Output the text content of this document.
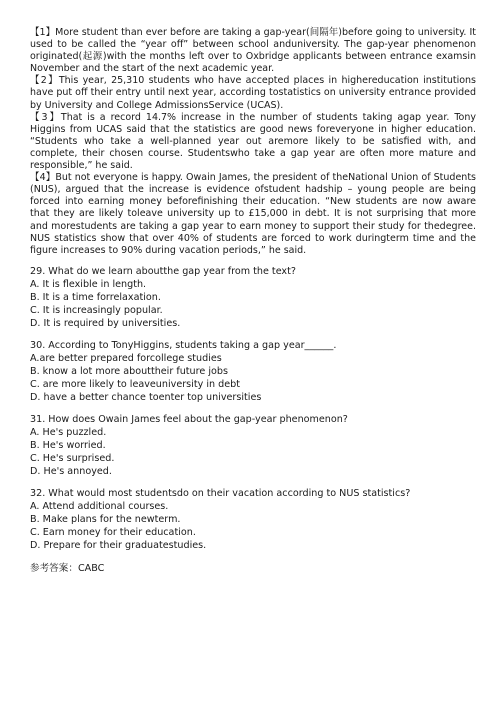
【1】More student than ever before are taking a gap-year(间隔年)before going to university. It used to be called the “year off” between school anduniversity. The gap-year phenomenon originated(起源)with the months left over to Oxbridge applicants between entrance examsin November and the start of the next academic year.

【2】This year, 25,310 students who have accepted places in highereducation institutions have put off their entry until next year, according tostatistics on university entrance provided by University and College AdmissionsService (UCAS).

【3】That is a record 14.7% increase in the number of students taking agap year. Tony Higgins from UCAS said that the statistics are good news foreveryone in higher education. “Students who take a well-planned year out aremore likely to be satisfied with, and complete, their chosen course. Studentswho take a gap year are often more mature and responsible,” he said.

【4】But not everyone is happy. Owain James, the president of theNational Union of Students (NUS), argued that the increase is evidence ofstudent hadship – young people are being forced into earning money beforefinishing their education. “New students are now aware that they are likely toleave university up to £15,000 in debt. It is not surprising that more and morestudents are taking a gap year to earn money to support their study for thedegree. NUS statistics show that over 40% of students are forced to work duringterm time and the figure increases to 90% during vacation periods,” he said.

29. What do we learn aboutthe gap year from the text?

A. It is flexible in length.

B. It is a time forrelaxation.

C. It is increasingly popular.

D. It is required by universities.

30. According to TonyHiggins, students taking a gap year______.

A.are better prepared forcollege studies

B. know a lot more abouttheir future jobs

C. are more likely to leaveuniversity in debt

D. have a better chance toenter top universities

31. How does Owain James feel about the gap-year phenomenon?

A. He's puzzled.

B. He's worried.

C. He's surprised.

D. He's annoyed.

32. What would most studentsdo on their vacation according to NUS statistics?

A. Attend additional courses.

B. Make plans for the newterm.

C. Earn money for their education.

D. Prepare for their graduatestudies.

参考答案：CABC
